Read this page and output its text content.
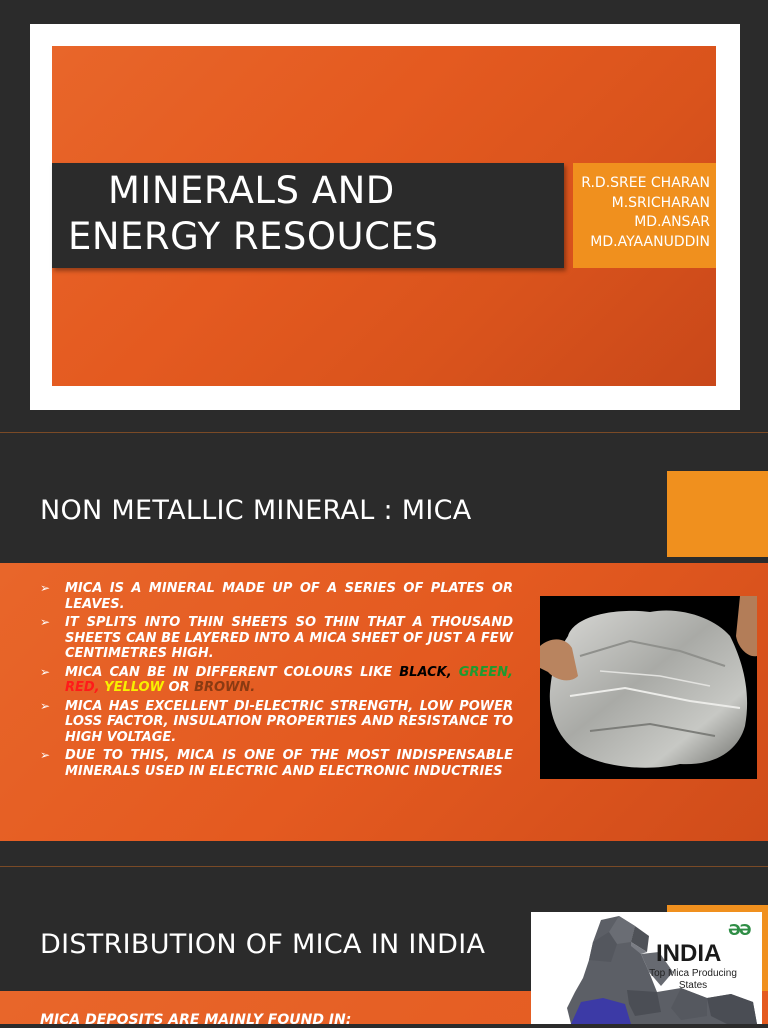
MINERALS AND
ENERGY RESOUCES
R.D.SREE CHARAN
M.SRICHARAN
MD.ANSAR
MD.AYAANUDDIN
NON METALLIC MINERAL : MICA
➢ MICA IS A MINERAL MADE UP OF A SERIES OF PLATES OR LEAVES.
➢ IT SPLITS INTO THIN SHEETS SO THIN THAT A THOUSAND SHEETS CAN BE LAYERED INTO A MICA SHEET OF JUST A FEW CENTIMETRES HIGH.
➢ MICA CAN BE IN DIFFERENT COLOURS LIKE BLACK, GREEN, RED, YELLOW OR BROWN.
➢ MICA HAS EXCELLENT DI-ELECTRIC STRENGTH, LOW POWER LOSS FACTOR, INSULATION PROPERTIES AND RESISTANCE TO HIGH VOLTAGE.
➢ DUE TO THIS, MICA IS ONE OF THE MOST INDISPENSABLE MINERALS USED IN ELECTRIC AND ELECTRONIC INDUCTRIES
DISTRIBUTION OF MICA IN INDIA
MICA DEPOSITS ARE MAINLY FOUND IN:
ƏƏ
INDIA
Top Mica Producing States
